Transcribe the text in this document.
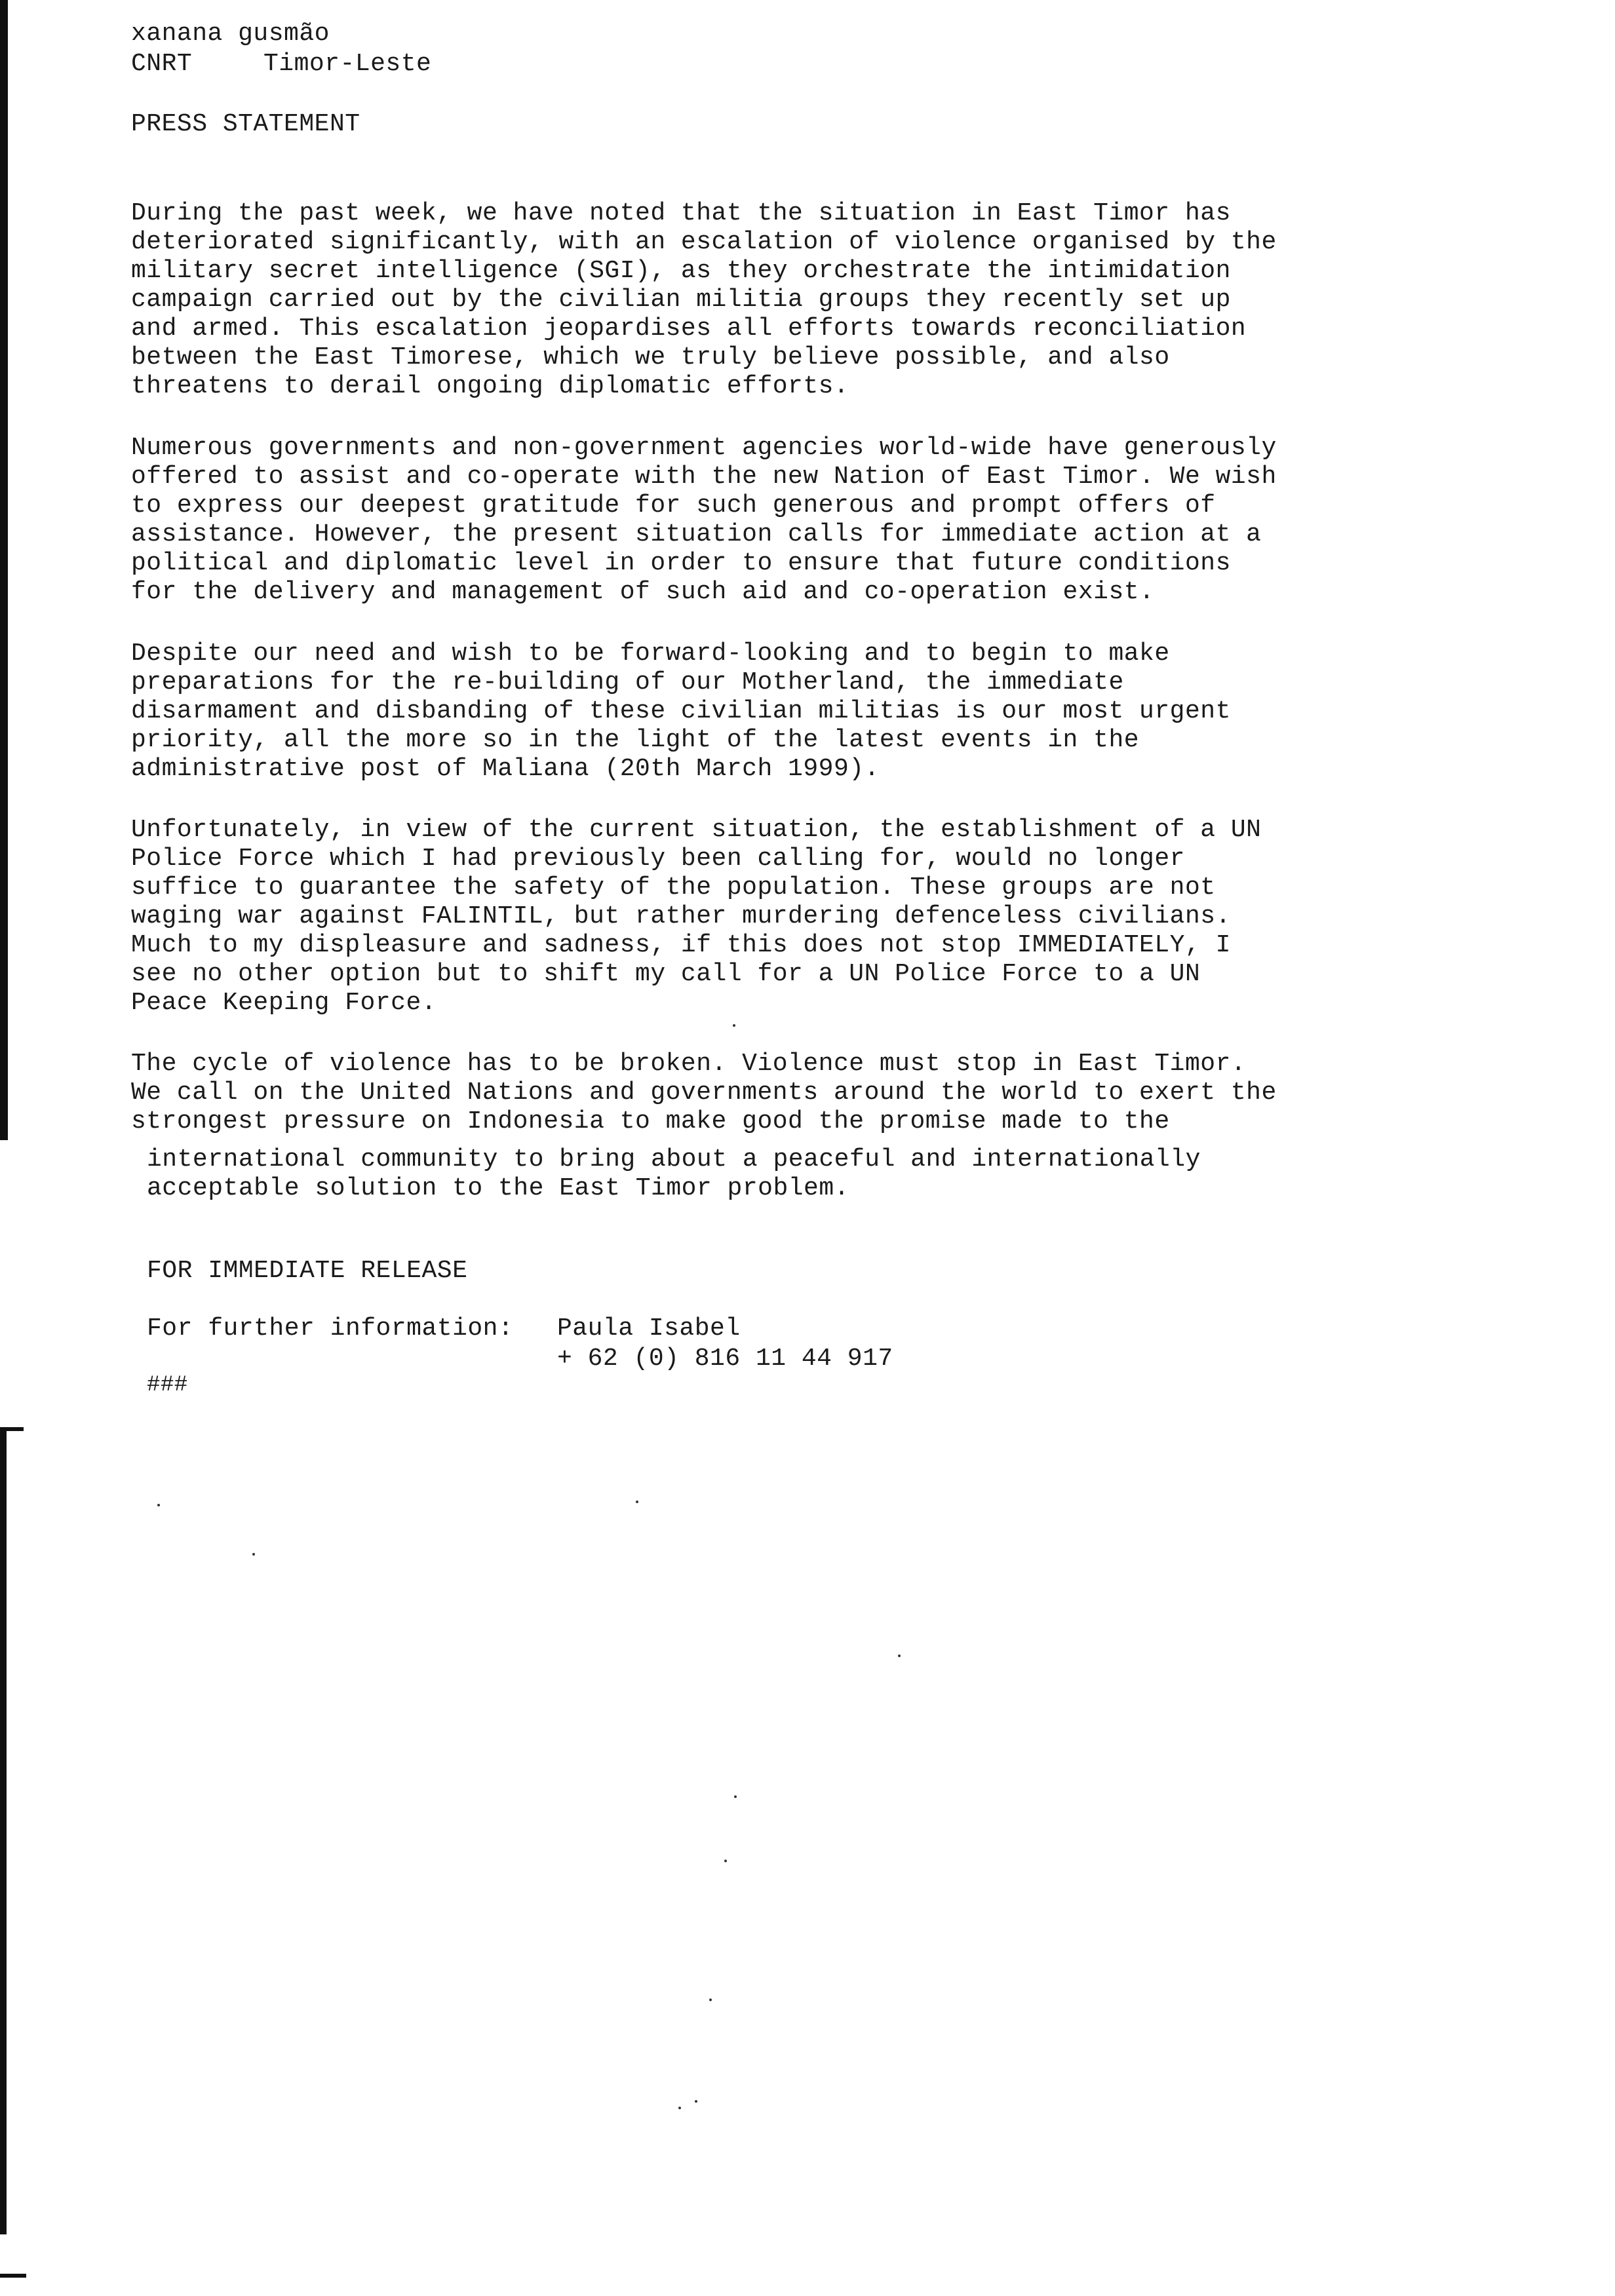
xanana gusmão
CNRT	Timor-Leste
PRESS STATEMENT
During the past week, we have noted that the situation in East Timor has
deteriorated significantly, with an escalation of violence organised by the
military secret intelligence (SGI), as they orchestrate the intimidation
campaign carried out by the civilian militia groups they recently set up
and armed. This escalation jeopardises all efforts towards reconciliation
between the East Timorese, which we truly believe possible, and also
threatens to derail ongoing diplomatic efforts.
Numerous governments and non-government agencies world-wide have generously
offered to assist and co-operate with the new Nation of East Timor. We wish
to express our deepest gratitude for such generous and prompt offers of
assistance. However, the present situation calls for immediate action at a
political and diplomatic level in order to ensure that future conditions
for the delivery and management of such aid and co-operation exist.
Despite our need and wish to be forward-looking and to begin to make
preparations for the re-building of our Motherland, the immediate
disarmament and disbanding of these civilian militias is our most urgent
priority, all the more so in the light of the latest events in the
administrative post of Maliana (20th March 1999).
Unfortunately, in view of the current situation, the establishment of a UN
Police Force which I had previously been calling for, would no longer
suffice to guarantee the safety of the population. These groups are not
waging war against FALINTIL, but rather murdering defenceless civilians.
Much to my displeasure and sadness, if this does not stop IMMEDIATELY, I
see no other option but to shift my call for a UN Police Force to a UN
Peace Keeping Force.
The cycle of violence has to be broken. Violence must stop in East Timor.
We call on the United Nations and governments around the world to exert the
strongest pressure on Indonesia to make good the promise made to the
international community to bring about a peaceful and internationally
acceptable solution to the East Timor problem.
FOR IMMEDIATE RELEASE
For further information: Paula Isabel
+ 62 (0) 816 11 44 917
###
